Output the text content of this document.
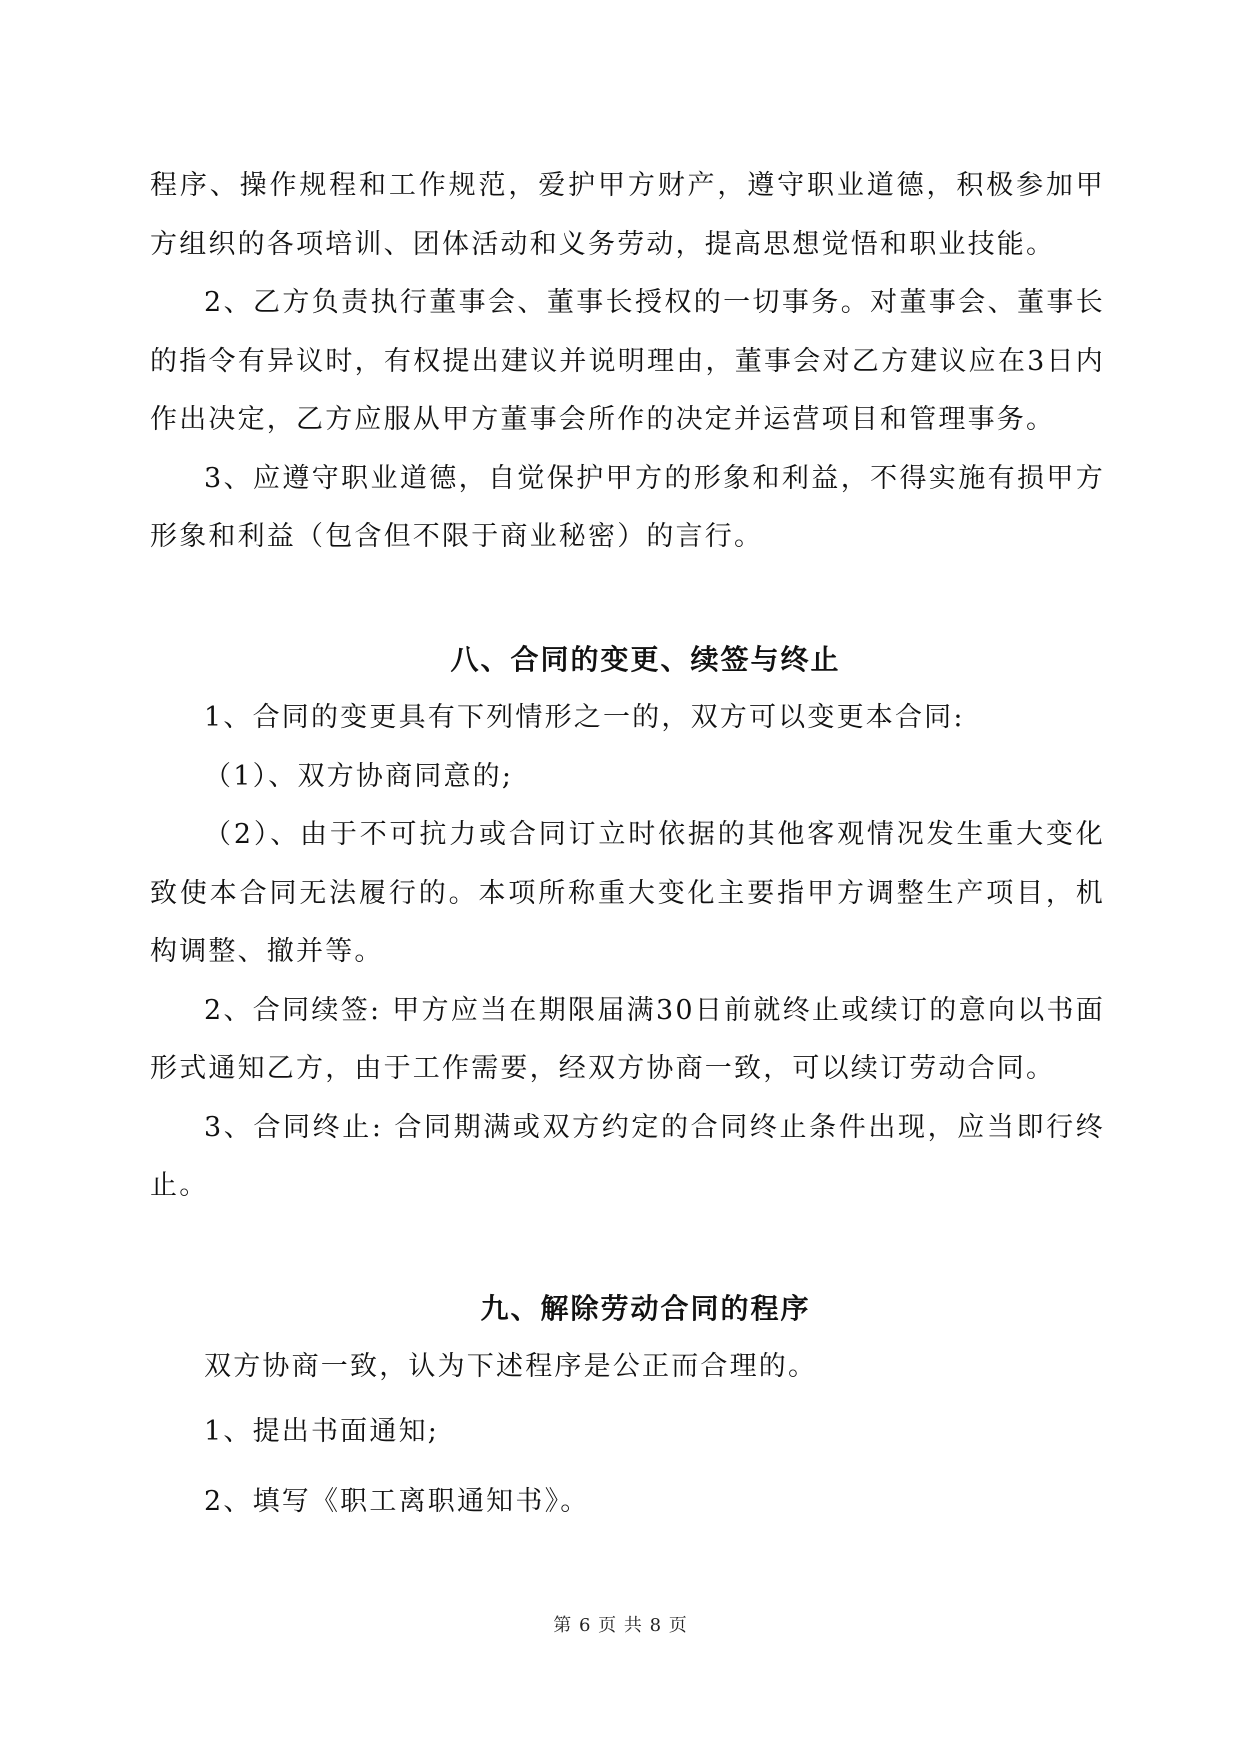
程序、操作规程和工作规范，爱护甲方财产，遵守职业道德，积极参加甲方组织的各项培训、团体活动和义务劳动，提高思想觉悟和职业技能。

2、乙方负责执行董事会、董事长授权的一切事务。对董事会、董事长的指令有异议时，有权提出建议并说明理由，董事会对乙方建议应在3日内作出决定，乙方应服从甲方董事会所作的决定并运营项目和管理事务。

3、应遵守职业道德，自觉保护甲方的形象和利益，不得实施有损甲方形象和利益（包含但不限于商业秘密）的言行。

八、合同的变更、续签与终止

1、合同的变更具有下列情形之一的，双方可以变更本合同:

（1）、双方协商同意的;

（2）、由于不可抗力或合同订立时依据的其他客观情况发生重大变化致使本合同无法履行的。本项所称重大变化主要指甲方调整生产项目，机构调整、撤并等。

2、合同续签: 甲方应当在期限届满30日前就终止或续订的意向以书面形式通知乙方，由于工作需要，经双方协商一致，可以续订劳动合同。

3、合同终止: 合同期满或双方约定的合同终止条件出现，应当即行终止。

九、解除劳动合同的程序

双方协商一致，认为下述程序是公正而合理的。

1、提出书面通知;

2、填写《职工离职通知书》。

第 6 页 共 8 页
